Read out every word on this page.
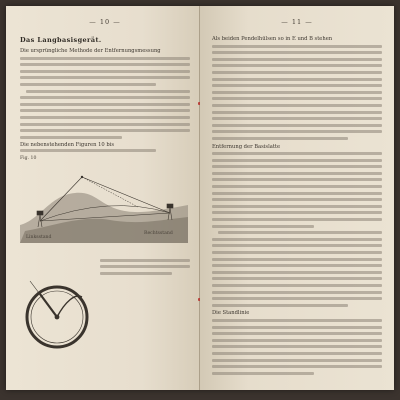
— 10 —
Das Langbasisgerät.
Die ursprüngliche Methode der Entfernungsmessung
Die nebenstehenden Figuren 10 bis
Fig. 10
Linksstand
Rechtsstand
— 11 —
Als beiden Pendelhülsen so in E und B stehen
Entfernung der Basislatte
Die Standlinie
